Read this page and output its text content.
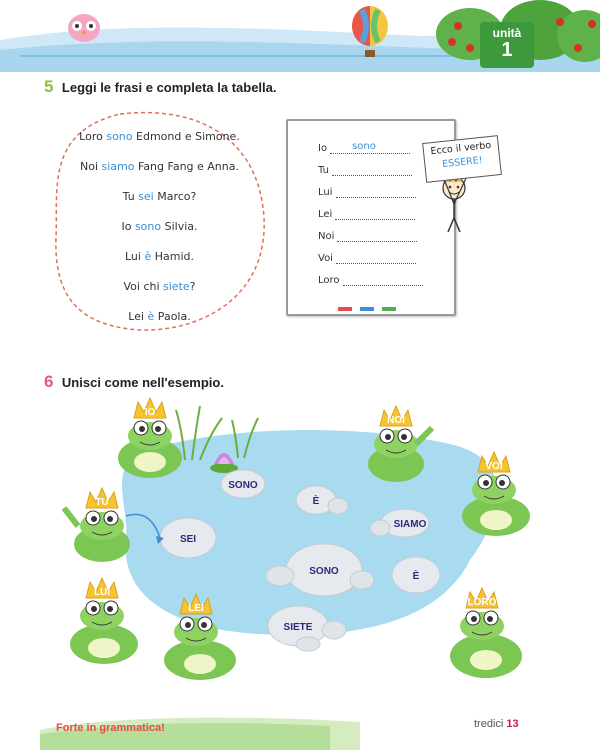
unità
1
5 Leggi le frasi e completa la tabella.
Loro sono Edmond e Simone.
Noi siamo Fang Fang e Anna.
Tu sei Marco?
Io sono Silvia.
Lui è Hamid.
Voi chi siete?
Lei è Paola.
Io	sono
Tu
Lui
Lei
Noi
Voi
Loro
Ecco il verbo
ESSERE!
6 Unisci come nell'esempio.
SONO
È
SIAMO
SEI
SONO	È
SIETE
IO
NOI
TU
VOI
LUI
LEI
LORO
Forte in grammatica!	tredici 13
